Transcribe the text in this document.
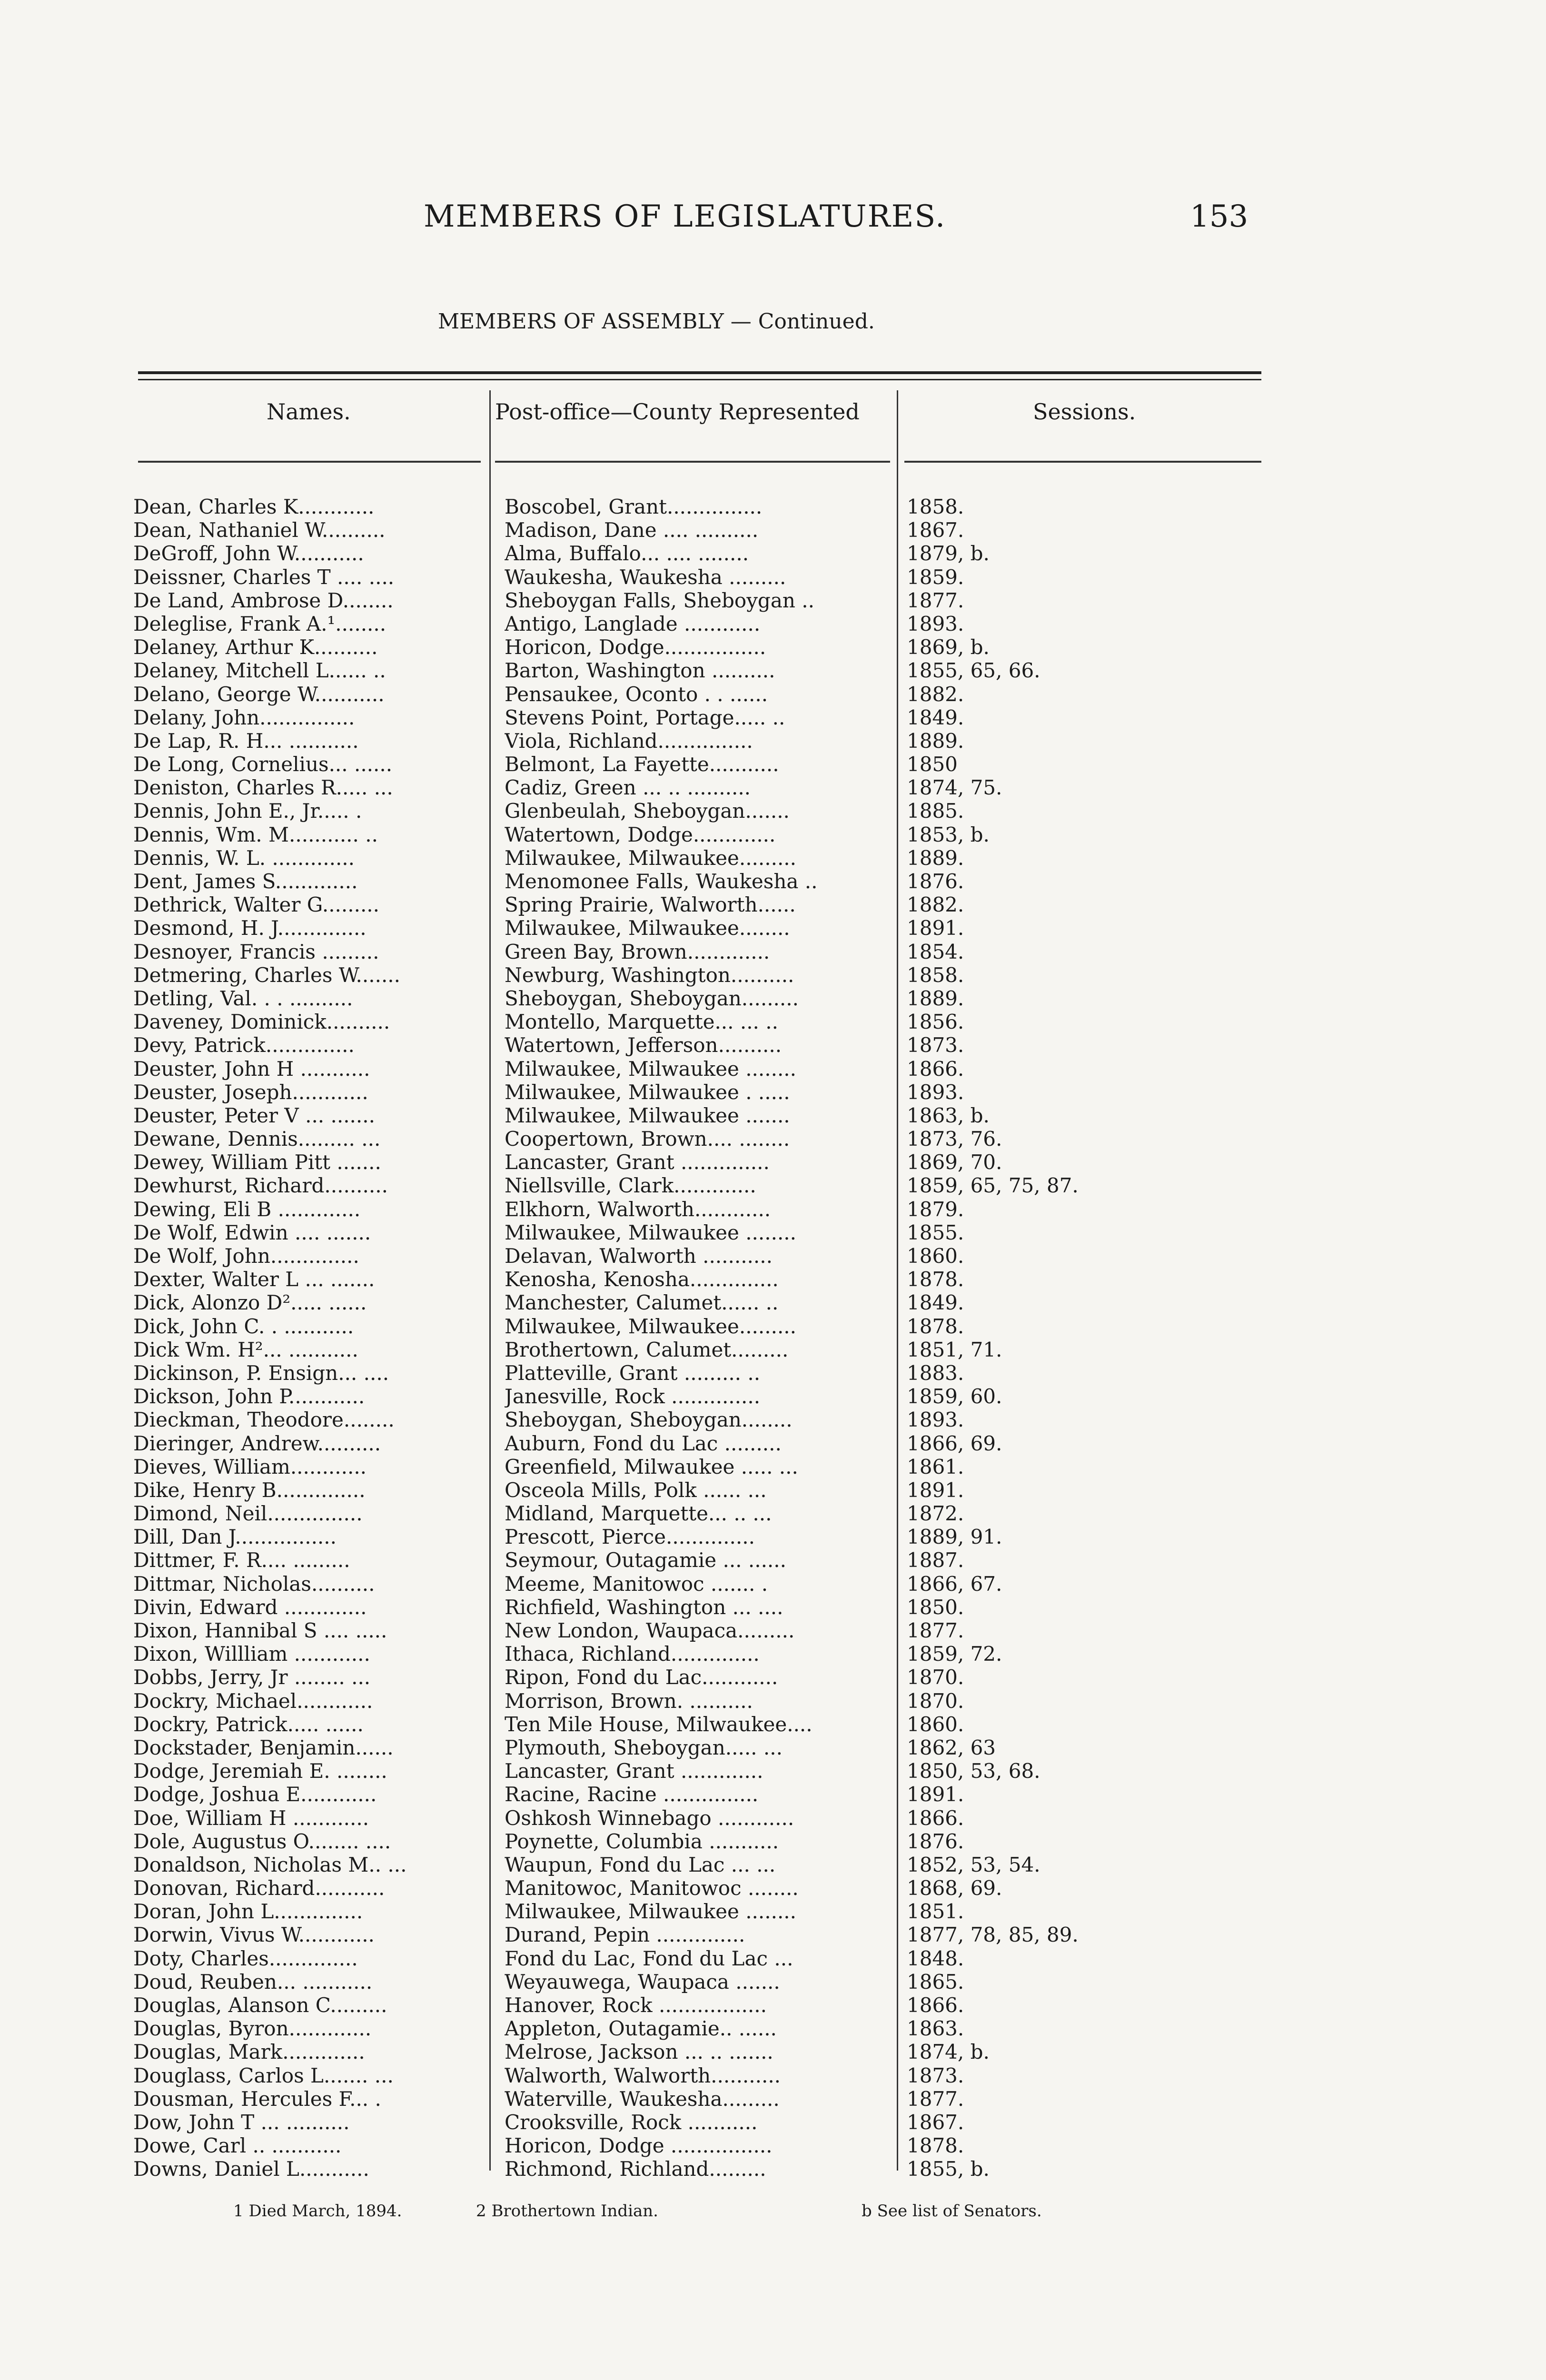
MEMBERS OF LEGISLATURES.	153
MEMBERS OF ASSEMBLY — Continued.
Names.	Post-office—County Represented	Sessions.
Dean, Charles K............	Boscobel, Grant...............	1858.
Dean, Nathaniel W..........	Madison, Dane .... ..........	1867.
DeGroff, John W...........	Alma, Buffalo... .... ........	1879, b.
Deissner, Charles T .... ....	Waukesha, Waukesha .........	1859.
De Land, Ambrose D........	Sheboygan Falls, Sheboygan ..	1877.
Deleglise, Frank A.¹........	Antigo, Langlade ............	1893.
Delaney, Arthur K..........	Horicon, Dodge................	1869, b.
Delaney, Mitchell L...... ..	Barton, Washington ..........	1855, 65, 66.
Delano, George W...........	Pensaukee, Oconto . . ......	1882.
Delany, John...............	Stevens Point, Portage..... ..	1849.
De Lap, R. H... ...........	Viola, Richland...............	1889.
De Long, Cornelius... ......	Belmont, La Fayette...........	1850
Deniston, Charles R..... ...	Cadiz, Green ... .. ..........	1874, 75.
Dennis, John E., Jr..... .	Glenbeulah, Sheboygan.......	1885.
Dennis, Wm. M........... ..	Watertown, Dodge.............	1853, b.
Dennis, W. L. .............	Milwaukee, Milwaukee.........	1889.
Dent, James S.............	Menomonee Falls, Waukesha ..	1876.
Dethrick, Walter G.........	Spring Prairie, Walworth......	1882.
Desmond, H. J..............	Milwaukee, Milwaukee........	1891.
Desnoyer, Francis .........	Green Bay, Brown.............	1854.
Detmering, Charles W.......	Newburg, Washington..........	1858.
Detling, Val. . . ..........	Sheboygan, Sheboygan.........	1889.
Daveney, Dominick..........	Montello, Marquette... ... ..	1856.
Devy, Patrick..............	Watertown, Jefferson..........	1873.
Deuster, John H ...........	Milwaukee, Milwaukee ........	1866.
Deuster, Joseph............	Milwaukee, Milwaukee . .....	1893.
Deuster, Peter V ... .......	Milwaukee, Milwaukee .......	1863, b.
Dewane, Dennis......... ...	Coopertown, Brown.... ........	1873, 76.
Dewey, William Pitt .......	Lancaster, Grant ..............	1869, 70.
Dewhurst, Richard..........	Niellsville, Clark.............	1859, 65, 75, 87.
Dewing, Eli B .............	Elkhorn, Walworth............	1879.
De Wolf, Edwin .... .......	Milwaukee, Milwaukee ........	1855.
De Wolf, John..............	Delavan, Walworth ...........	1860.
Dexter, Walter L ... .......	Kenosha, Kenosha..............	1878.
Dick, Alonzo D²..... ......	Manchester, Calumet...... ..	1849.
Dick, John C. . ...........	Milwaukee, Milwaukee.........	1878.
Dick Wm. H²... ...........	Brothertown, Calumet.........	1851, 71.
Dickinson, P. Ensign... ....	Platteville, Grant ......... ..	1883.
Dickson, John P............	Janesville, Rock ..............	1859, 60.
Dieckman, Theodore........	Sheboygan, Sheboygan........	1893.
Dieringer, Andrew..........	Auburn, Fond du Lac .........	1866, 69.
Dieves, William............	Greenfield, Milwaukee ..... ...	1861.
Dike, Henry B..............	Osceola Mills, Polk ...... ...	1891.
Dimond, Neil...............	Midland, Marquette... .. ...	1872.
Dill, Dan J................	Prescott, Pierce..............	1889, 91.
Dittmer, F. R.... .........	Seymour, Outagamie ... ......	1887.
Dittmar, Nicholas..........	Meeme, Manitowoc ....... .	1866, 67.
Divin, Edward .............	Richfield, Washington ... ....	1850.
Dixon, Hannibal S .... .....	New London, Waupaca.........	1877.
Dixon, Willliam ............	Ithaca, Richland..............	1859, 72.
Dobbs, Jerry, Jr ........ ...	Ripon, Fond du Lac............	1870.
Dockry, Michael............	Morrison, Brown. ..........	1870.
Dockry, Patrick..... ......	Ten Mile House, Milwaukee....	1860.
Dockstader, Benjamin......	Plymouth, Sheboygan..... ...	1862, 63
Dodge, Jeremiah E. ........	Lancaster, Grant .............	1850, 53, 68.
Dodge, Joshua E............	Racine, Racine ...............	1891.
Doe, William H ............	Oshkosh Winnebago ............	1866.
Dole, Augustus O........ ....	Poynette, Columbia ...........	1876.
Donaldson, Nicholas M.. ...	Waupun, Fond du Lac ... ...	1852, 53, 54.
Donovan, Richard...........	Manitowoc, Manitowoc ........	1868, 69.
Doran, John L..............	Milwaukee, Milwaukee ........	1851.
Dorwin, Vivus W............	Durand, Pepin ..............	1877, 78, 85, 89.
Doty, Charles..............	Fond du Lac, Fond du Lac ...	1848.
Doud, Reuben... ...........	Weyauwega, Waupaca .......	1865.
Douglas, Alanson C.........	Hanover, Rock .................	1866.
Douglas, Byron.............	Appleton, Outagamie.. ......	1863.
Douglas, Mark.............	Melrose, Jackson ... .. .......	1874, b.
Douglass, Carlos L....... ...	Walworth, Walworth...........	1873.
Dousman, Hercules F... .	Waterville, Waukesha.........	1877.
Dow, John T ... ..........	Crooksville, Rock ...........	1867.
Dowe, Carl .. ...........	Horicon, Dodge ................	1878.
Downs, Daniel L...........	Richmond, Richland.........	1855, b.
1 Died March, 1894.	2 Brothertown Indian.	b See list of Senators.
